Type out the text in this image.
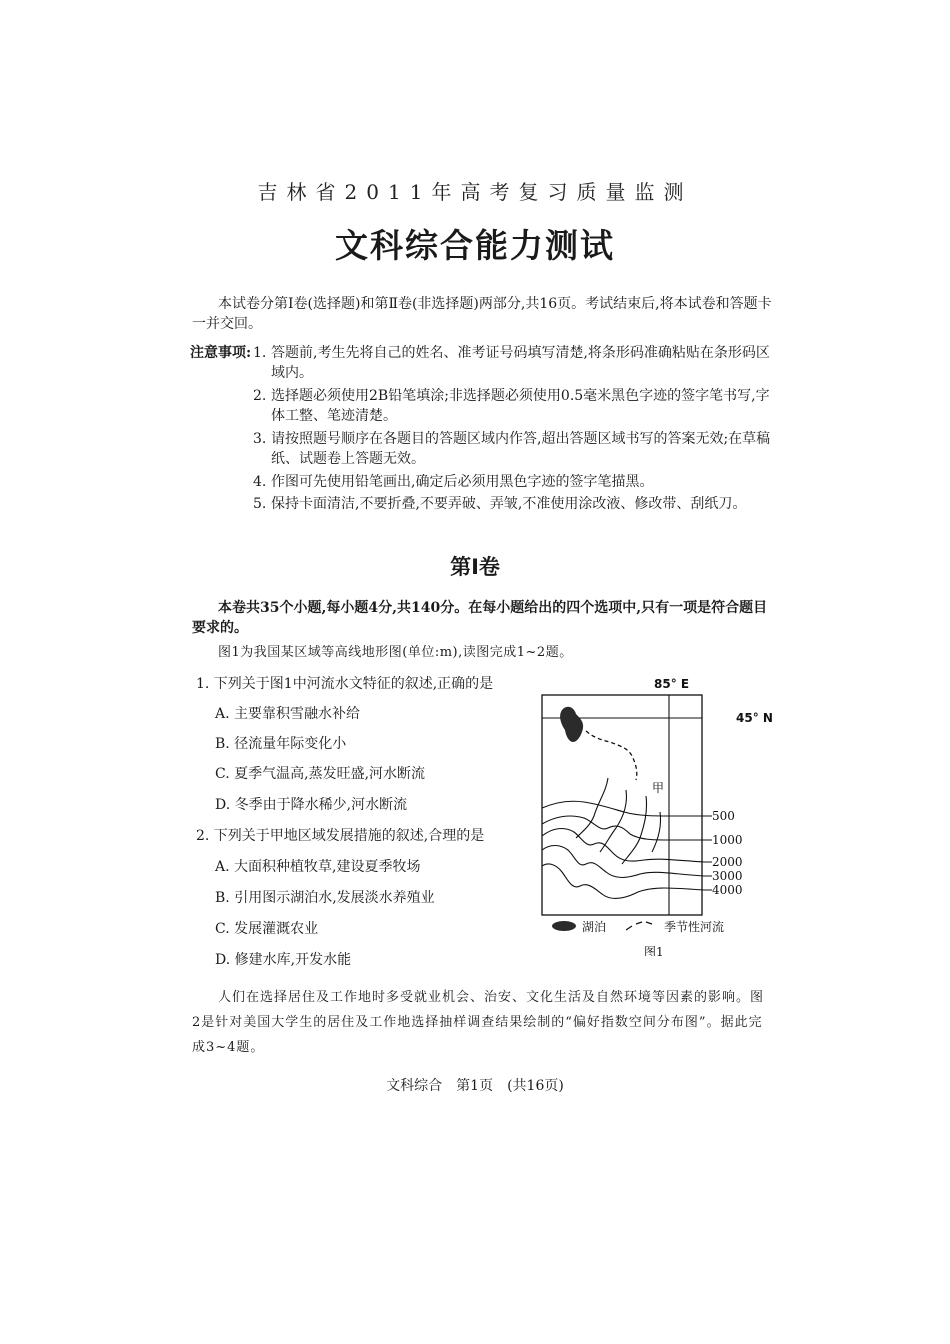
吉林省2011年高考复习质量监测
文科综合能力测试
本试卷分第Ⅰ卷(选择题)和第Ⅱ卷(非选择题)两部分,共16页。考试结束后,将本试卷和答题卡一并交回。
注意事项: 1. 答题前,考生先将自己的姓名、准考证号码填写清楚,将条形码准确粘贴在条形码区域内。
2. 选择题必须使用2B铅笔填涂;非选择题必须使用0.5毫米黑色字迹的签字笔书写,字体工整、笔迹清楚。
3. 请按照题号顺序在各题目的答题区域内作答,超出答题区域书写的答案无效;在草稿纸、试题卷上答题无效。
4. 作图可先使用铅笔画出,确定后必须用黑色字迹的签字笔描黑。
5. 保持卡面清洁,不要折叠,不要弄破、弄皱,不准使用涂改液、修改带、刮纸刀。
第Ⅰ卷
本卷共35个小题,每小题4分,共140分。在每小题给出的四个选项中,只有一项是符合题目要求的。
图1为我国某区域等高线地形图(单位:m),读图完成1~2题。
1. 下列关于图1中河流水文特征的叙述,正确的是
A. 主要靠积雪融水补给
B. 径流量年际变化小
C. 夏季气温高,蒸发旺盛,河水断流
D. 冬季由于降水稀少,河水断流
2. 下列关于甲地区域发展措施的叙述,合理的是
A. 大面积种植牧草,建设夏季牧场
B. 引用图示湖泊水,发展淡水养殖业
C. 发展灌溉农业
D. 修建水库,开发水能
85° E
45° N
甲
500
1000
2000
3000
4000
湖泊	季节性河流
图1
人们在选择居住及工作地时多受就业机会、治安、文化生活及自然环境等因素的影响。图2是针对美国大学生的居住及工作地选择抽样调查结果绘制的“偏好指数空间分布图”。据此完成3~4题。
文科综合　第1页　(共16页)
